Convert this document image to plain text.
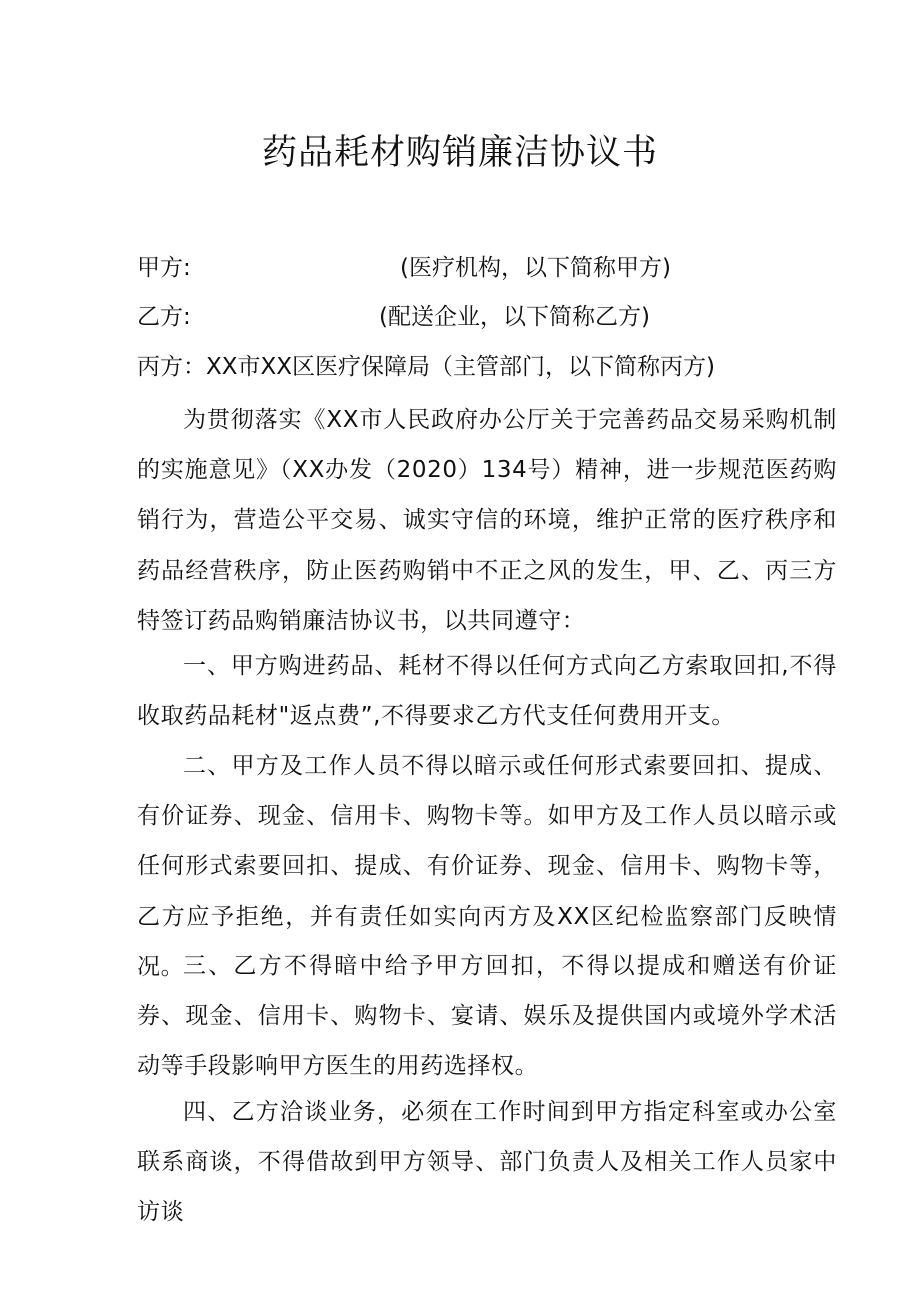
药品耗材购销廉洁协议书
甲方:	(医疗机构，以下简称甲方)
乙方:	(配送企业，以下简称乙方)
丙方：XX市XX区医疗保障局（主管部门，以下简称丙方)

为贯彻落实《XX市人民政府办公厅关于完善药品交易采购机制的实施意见》（XX办发（2020）134号）精神，进一步规范医药购销行为，营造公平交易、诚实守信的环境，维护正常的医疗秩序和药品经营秩序，防止医药购销中不正之风的发生，甲、乙、丙三方特签订药品购销廉洁协议书，以共同遵守：

一、甲方购进药品、耗材不得以任何方式向乙方索取回扣,不得收取药品耗材"返点费”,不得要求乙方代支任何费用开支。

二、甲方及工作人员不得以暗示或任何形式索要回扣、提成、有价证券、现金、信用卡、购物卡等。如甲方及工作人员以暗示或任何形式索要回扣、提成、有价证券、现金、信用卡、购物卡等，乙方应予拒绝，并有责任如实向丙方及XX区纪检监察部门反映情况。

三、乙方不得暗中给予甲方回扣，不得以提成和赠送有价证券、现金、信用卡、购物卡、宴请、娱乐及提供国内或境外学术活动等手段影响甲方医生的用药选择权。

四、乙方洽谈业务，必须在工作时间到甲方指定科室或办公室联系商谈，不得借故到甲方领导、部门负责人及相关工作人员家中访谈
